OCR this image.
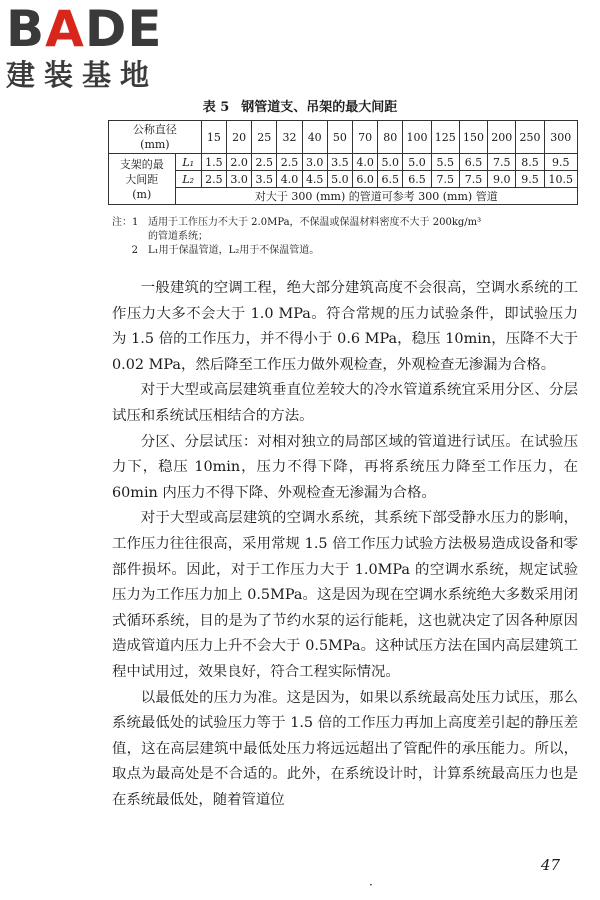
BADE
建装基地
表 5 钢管道支、吊架的最大间距
公称直径
(mm)		15	20	25	32	40	50	70	80	100	125	150	200	250	300
支架的最
大间距
(m)	L₁	1.5	2.0	2.5	2.5	3.0	3.5	4.0	5.0	5.0	5.5	6.5	7.5	8.5	9.5
	L₂	2.5	3.0	3.5	4.0	4.5	5.0	6.0	6.5	6.5	7.5	7.5	9.0	9.5	10.5
	对大于 300 (mm) 的管道可参考 300 (mm) 管道														
注：1 适用于工作压力不大于 2.0MPa，不保温或保温材料密度不大于 200kg/m³
的管道系统；
2	L₁用于保温管道，L₂用于不保温管道。

一般建筑的空调工程，绝大部分建筑高度不会很高，空调水系统的工作压力大多不会大于 1.0 MPa。符合常规的压力试验条件，即试验压力为 1.5 倍的工作压力，并不得小于 0.6 MPa，稳压 10min，压降不大于 0.02 MPa，然后降至工作压力做外观检查，外观检查无渗漏为合格。

对于大型或高层建筑垂直位差较大的冷水管道系统宜采用分区、分层试压和系统试压相结合的方法。

分区、分层试压：对相对独立的局部区域的管道进行试压。在试验压力下，稳压 10min，压力不得下降，再将系统压力降至工作压力，在 60min 内压力不得下降、外观检查无渗漏为合格。

对于大型或高层建筑的空调水系统，其系统下部受静水压力的影响，工作压力往往很高，采用常规 1.5 倍工作压力试验方法极易造成设备和零部件损坏。因此，对于工作压力大于 1.0MPa 的空调水系统，规定试验压力为工作压力加上 0.5MPa。这是因为现在空调水系统绝大多数采用闭式循环系统，目的是为了节约水泵的运行能耗，这也就决定了因各种原因造成管道内压力上升不会大于 0.5MPa。这种试压方法在国内高层建筑工程中试用过，效果良好，符合工程实际情况。

以最低处的压力为准。这是因为，如果以系统最高处压力试压，那么系统最低处的试验压力等于 1.5 倍的工作压力再加上高度差引起的静压差值，这在高层建筑中最低处压力将远远超出了管配件的承压能力。所以，取点为最高处是不合适的。此外，在系统设计时，计算系统最高压力也是在系统最低处，随着管道位

47
·
